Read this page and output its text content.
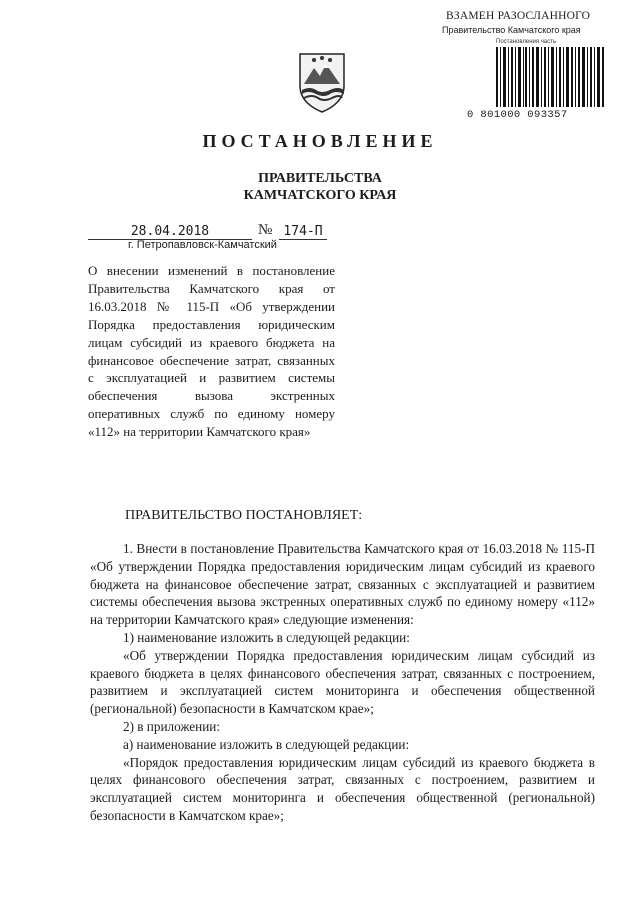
ВЗАМЕН РАЗОСЛАННОГО
Правительство Камчатского края
Постановления часть
0 801000 093357
ПОСТАНОВЛЕНИЕ
ПРАВИТЕЛЬСТВА
КАМЧАТСКОГО КРАЯ
28.04.2018	№ 174-П
г. Петропавловск-Камчатский
О внесении изменений в постановление Правительства Камчатского края от 16.03.2018 № 115-П «Об утверждении Порядка предоставления юридическим лицам субсидий из краевого бюджета на финансовое обеспечение затрат, связанных с эксплуатацией и развитием системы обеспечения вызова экстренных оперативных служб по единому номеру «112» на территории Камчатского края»
ПРАВИТЕЛЬСТВО ПОСТАНОВЛЯЕТ:

1. Внести в постановление Правительства Камчатского края от 16.03.2018 № 115-П «Об утверждении Порядка предоставления юридическим лицам субсидий из краевого бюджета на финансовое обеспечение затрат, связанных с эксплуатацией и развитием системы обеспечения вызова экстренных оперативных служб по единому номеру «112» на территории Камчатского края» следующие изменения:

1) наименование изложить в следующей редакции:

«Об утверждении Порядка предоставления юридическим лицам субсидий из краевого бюджета в целях финансового обеспечения затрат, связанных с построением, развитием и эксплуатацией систем мониторинга и обеспечения общественной (региональной) безопасности в Камчатском крае»;

2) в приложении:

а) наименование изложить в следующей редакции:

«Порядок предоставления юридическим лицам субсидий из краевого бюджета в целях финансового обеспечения затрат, связанных с построением, развитием и эксплуатацией систем мониторинга и обеспечения общественной (региональной) безопасности в Камчатском крае»;
